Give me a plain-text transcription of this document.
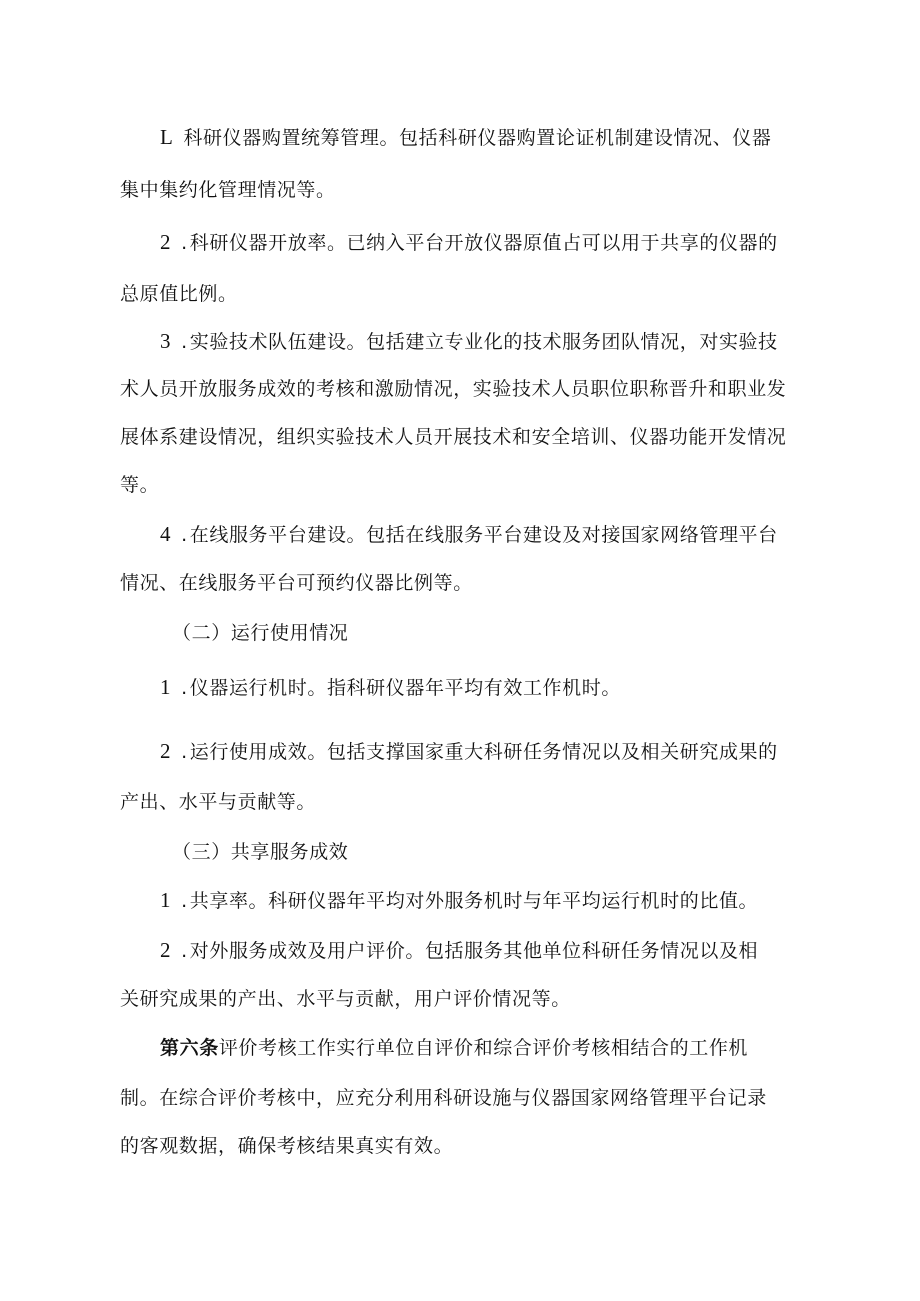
L 科研仪器购置统筹管理。包括科研仪器购置论证机制建设情况、仪器
集中集约化管理情况等。
2 . 科研仪器开放率。已纳入平台开放仪器原值占可以用于共享的仪器的
总原值比例。
3 . 实验技术队伍建设。包括建立专业化的技术服务团队情况，对实验技
术人员开放服务成效的考核和激励情况，实验技术人员职位职称晋升和职业发
展体系建设情况，组织实验技术人员开展技术和安全培训、仪器功能开发情况
等。
4 . 在线服务平台建设。包括在线服务平台建设及对接国家网络管理平台
情况、在线服务平台可预约仪器比例等。
（二）运行使用情况
1 . 仪器运行机时。指科研仪器年平均有效工作机时。
2 . 运行使用成效。包括支撑国家重大科研任务情况以及相关研究成果的
产出、水平与贡献等。
（三）共享服务成效
1 . 共享率。科研仪器年平均对外服务机时与年平均运行机时的比值。
2 . 对外服务成效及用户评价。包括服务其他单位科研任务情况以及相
关研究成果的产出、水平与贡献，用户评价情况等。
第六条评价考核工作实行单位自评价和综合评价考核相结合的工作机
制。在综合评价考核中，应充分利用科研设施与仪器国家网络管理平台记录
的客观数据，确保考核结果真实有效。
